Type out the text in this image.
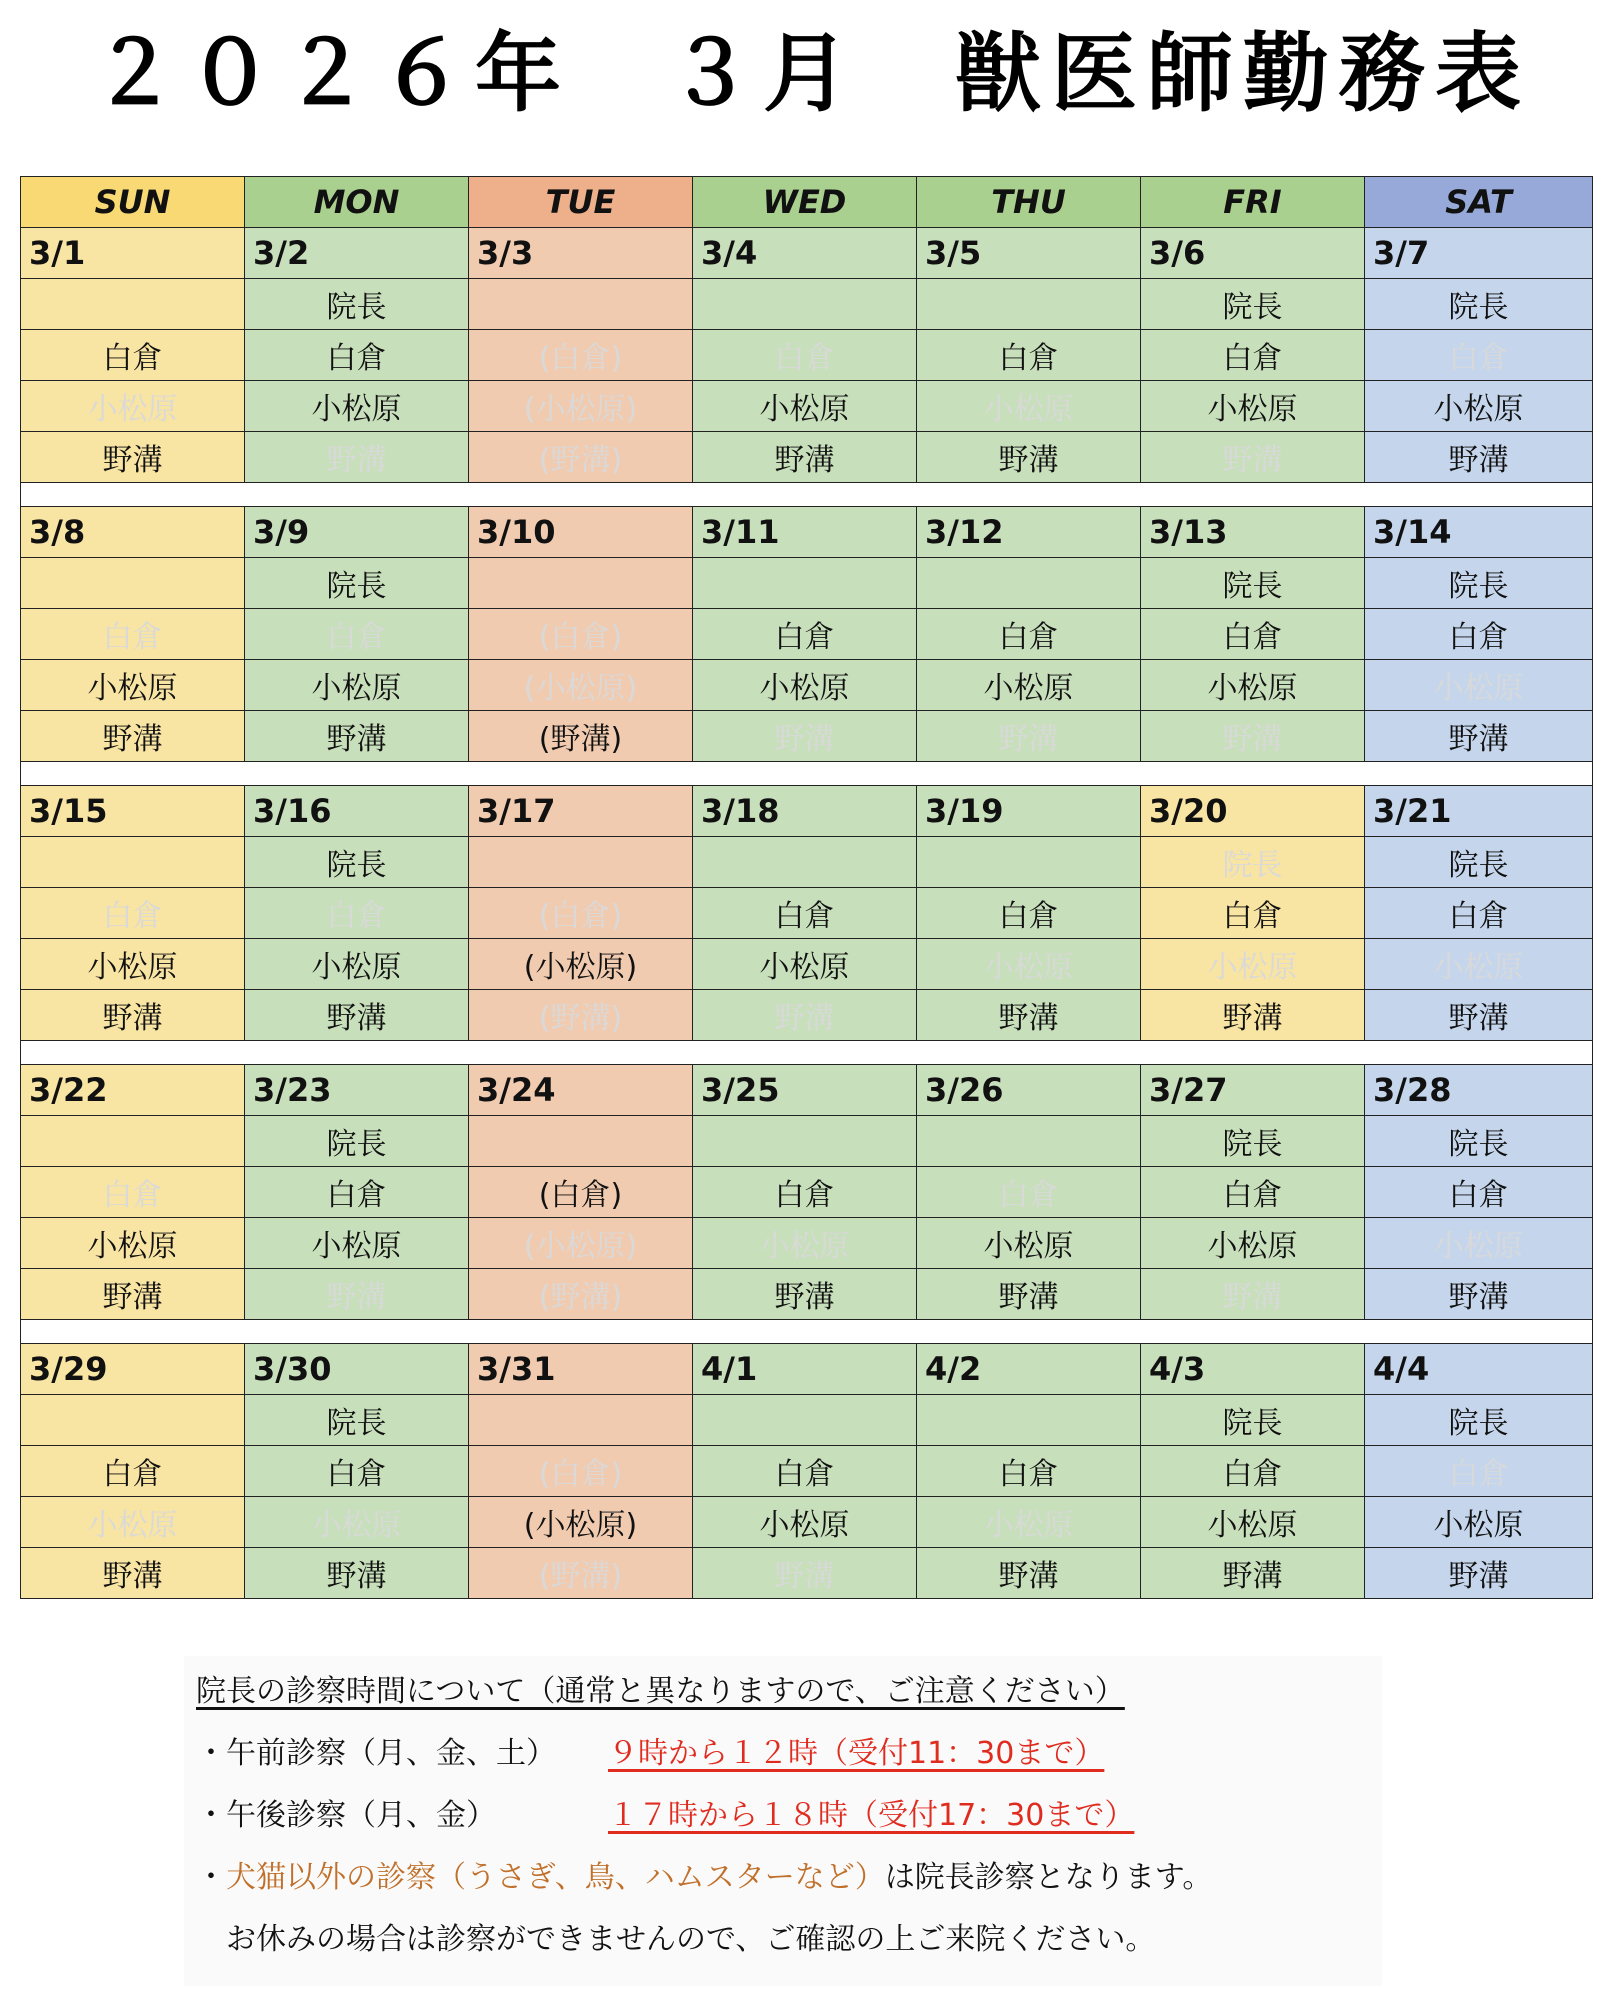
２０２６年　３月　獣医師勤務表
SUN	MON	TUE	WED	THU	FRI	SAT
3/1	3/2	3/3	3/4	3/5	3/6	3/7
	院長				院長	院長
白倉	白倉	(白倉)	白倉	白倉	白倉	白倉
小松原	小松原	(小松原)	小松原	小松原	小松原	小松原
野溝	野溝	(野溝)	野溝	野溝	野溝	野溝

3/8	3/9	3/10	3/11	3/12	3/13	3/14
	院長				院長	院長
白倉	白倉	(白倉)	白倉	白倉	白倉	白倉
小松原	小松原	(小松原)	小松原	小松原	小松原	小松原
野溝	野溝	(野溝)	野溝	野溝	野溝	野溝

3/15	3/16	3/17	3/18	3/19	3/20	3/21
	院長				院長	院長
白倉	白倉	(白倉)	白倉	白倉	白倉	白倉
小松原	小松原	(小松原)	小松原	小松原	小松原	小松原
野溝	野溝	(野溝)	野溝	野溝	野溝	野溝

3/22	3/23	3/24	3/25	3/26	3/27	3/28
	院長				院長	院長
白倉	白倉	(白倉)	白倉	白倉	白倉	白倉
小松原	小松原	(小松原)	小松原	小松原	小松原	小松原
野溝	野溝	(野溝)	野溝	野溝	野溝	野溝

3/29	3/30	3/31	4/1	4/2	4/3	4/4
	院長				院長	院長
白倉	白倉	(白倉)	白倉	白倉	白倉	白倉
小松原	小松原	(小松原)	小松原	小松原	小松原	小松原
野溝	野溝	(野溝)	野溝	野溝	野溝	野溝
院長の診察時間について（通常と異なりますので、ご注意ください）
・午前診察（月、金、土） ９時から１２時（受付11：30まで）
・午後診察（月、金）	１７時から１８時（受付17：30まで）
・犬猫以外の診察（うさぎ、鳥、ハムスターなど）は院長診察となります。
お休みの場合は診察ができませんので、ご確認の上ご来院ください。
